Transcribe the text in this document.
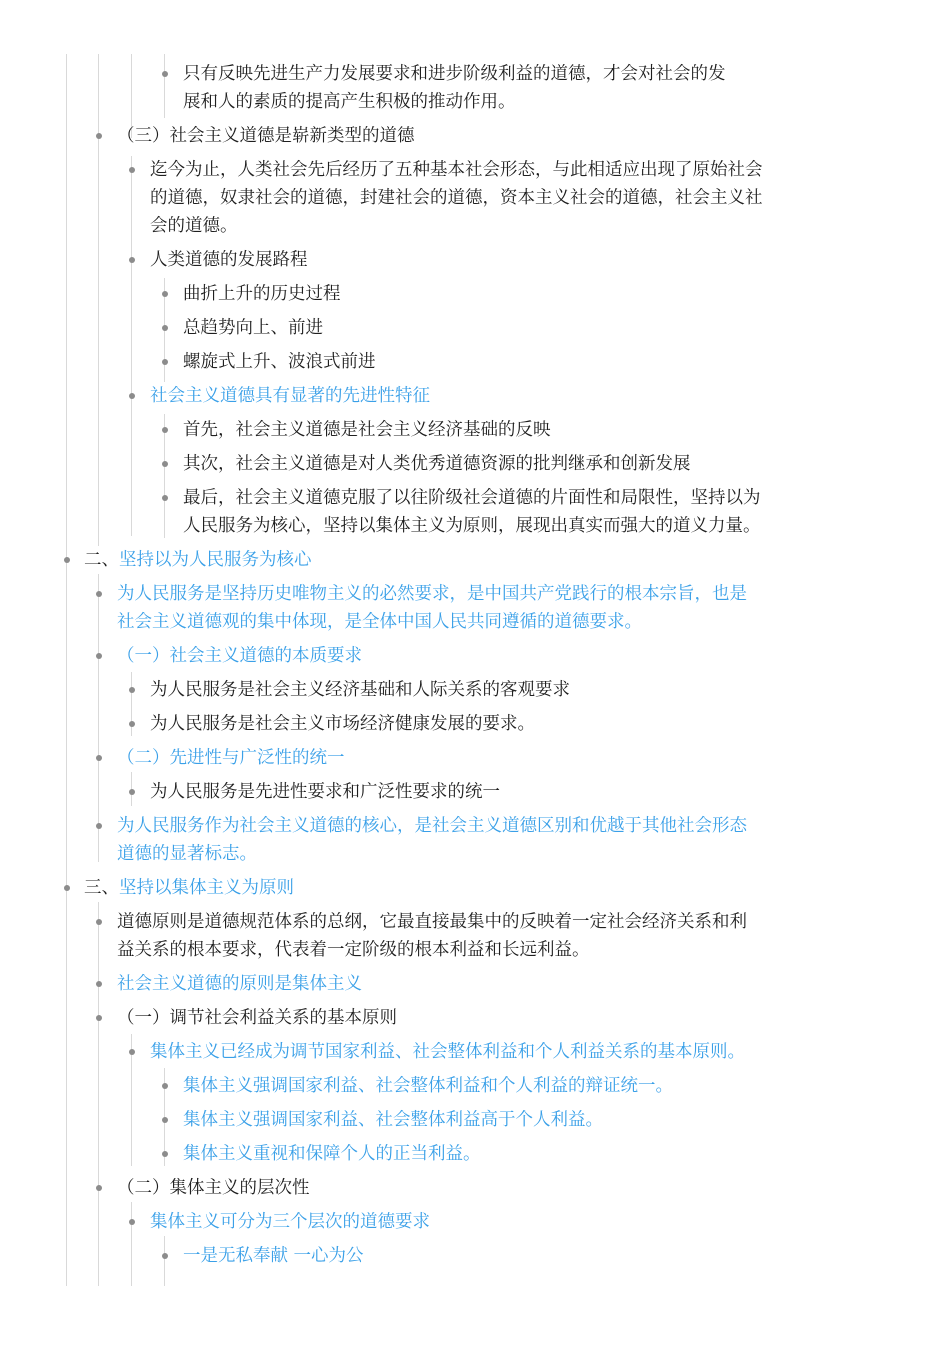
只有反映先进生产力发展要求和进步阶级利益的道德，才会对社会的发
展和人的素质的提高产生积极的推动作用。
（三）社会主义道德是崭新类型的道德
迄今为止，人类社会先后经历了五种基本社会形态，与此相适应出现了原始社会
的道德，奴隶社会的道德，封建社会的道德，资本主义社会的道德，社会主义社
会的道德。
人类道德的发展路程
曲折上升的历史过程
总趋势向上、前进
螺旋式上升、波浪式前进
社会主义道德具有显著的先进性特征
首先，社会主义道德是社会主义经济基础的反映
其次，社会主义道德是对人类优秀道德资源的批判继承和创新发展
最后，社会主义道德克服了以往阶级社会道德的片面性和局限性，坚持以为
人民服务为核心，坚持以集体主义为原则，展现出真实而强大的道义力量。
二、坚持以为人民服务为核心
为人民服务是坚持历史唯物主义的必然要求，是中国共产党践行的根本宗旨，也是
社会主义道德观的集中体现，是全体中国人民共同遵循的道德要求。
（一）社会主义道德的本质要求
为人民服务是社会主义经济基础和人际关系的客观要求
为人民服务是社会主义市场经济健康发展的要求。
（二）先进性与广泛性的统一
为人民服务是先进性要求和广泛性要求的统一
为人民服务作为社会主义道德的核心，是社会主义道德区别和优越于其他社会形态
道德的显著标志。
三、坚持以集体主义为原则
道德原则是道德规范体系的总纲，它最直接最集中的反映着一定社会经济关系和利
益关系的根本要求，代表着一定阶级的根本利益和长远利益。
社会主义道德的原则是集体主义
（一）调节社会利益关系的基本原则
集体主义已经成为调节国家利益、社会整体利益和个人利益关系的基本原则。
集体主义强调国家利益、社会整体利益和个人利益的辩证统一。
集体主义强调国家利益、社会整体利益高于个人利益。
集体主义重视和保障个人的正当利益。
（二）集体主义的层次性
集体主义可分为三个层次的道德要求
一是无私奉献 一心为公
